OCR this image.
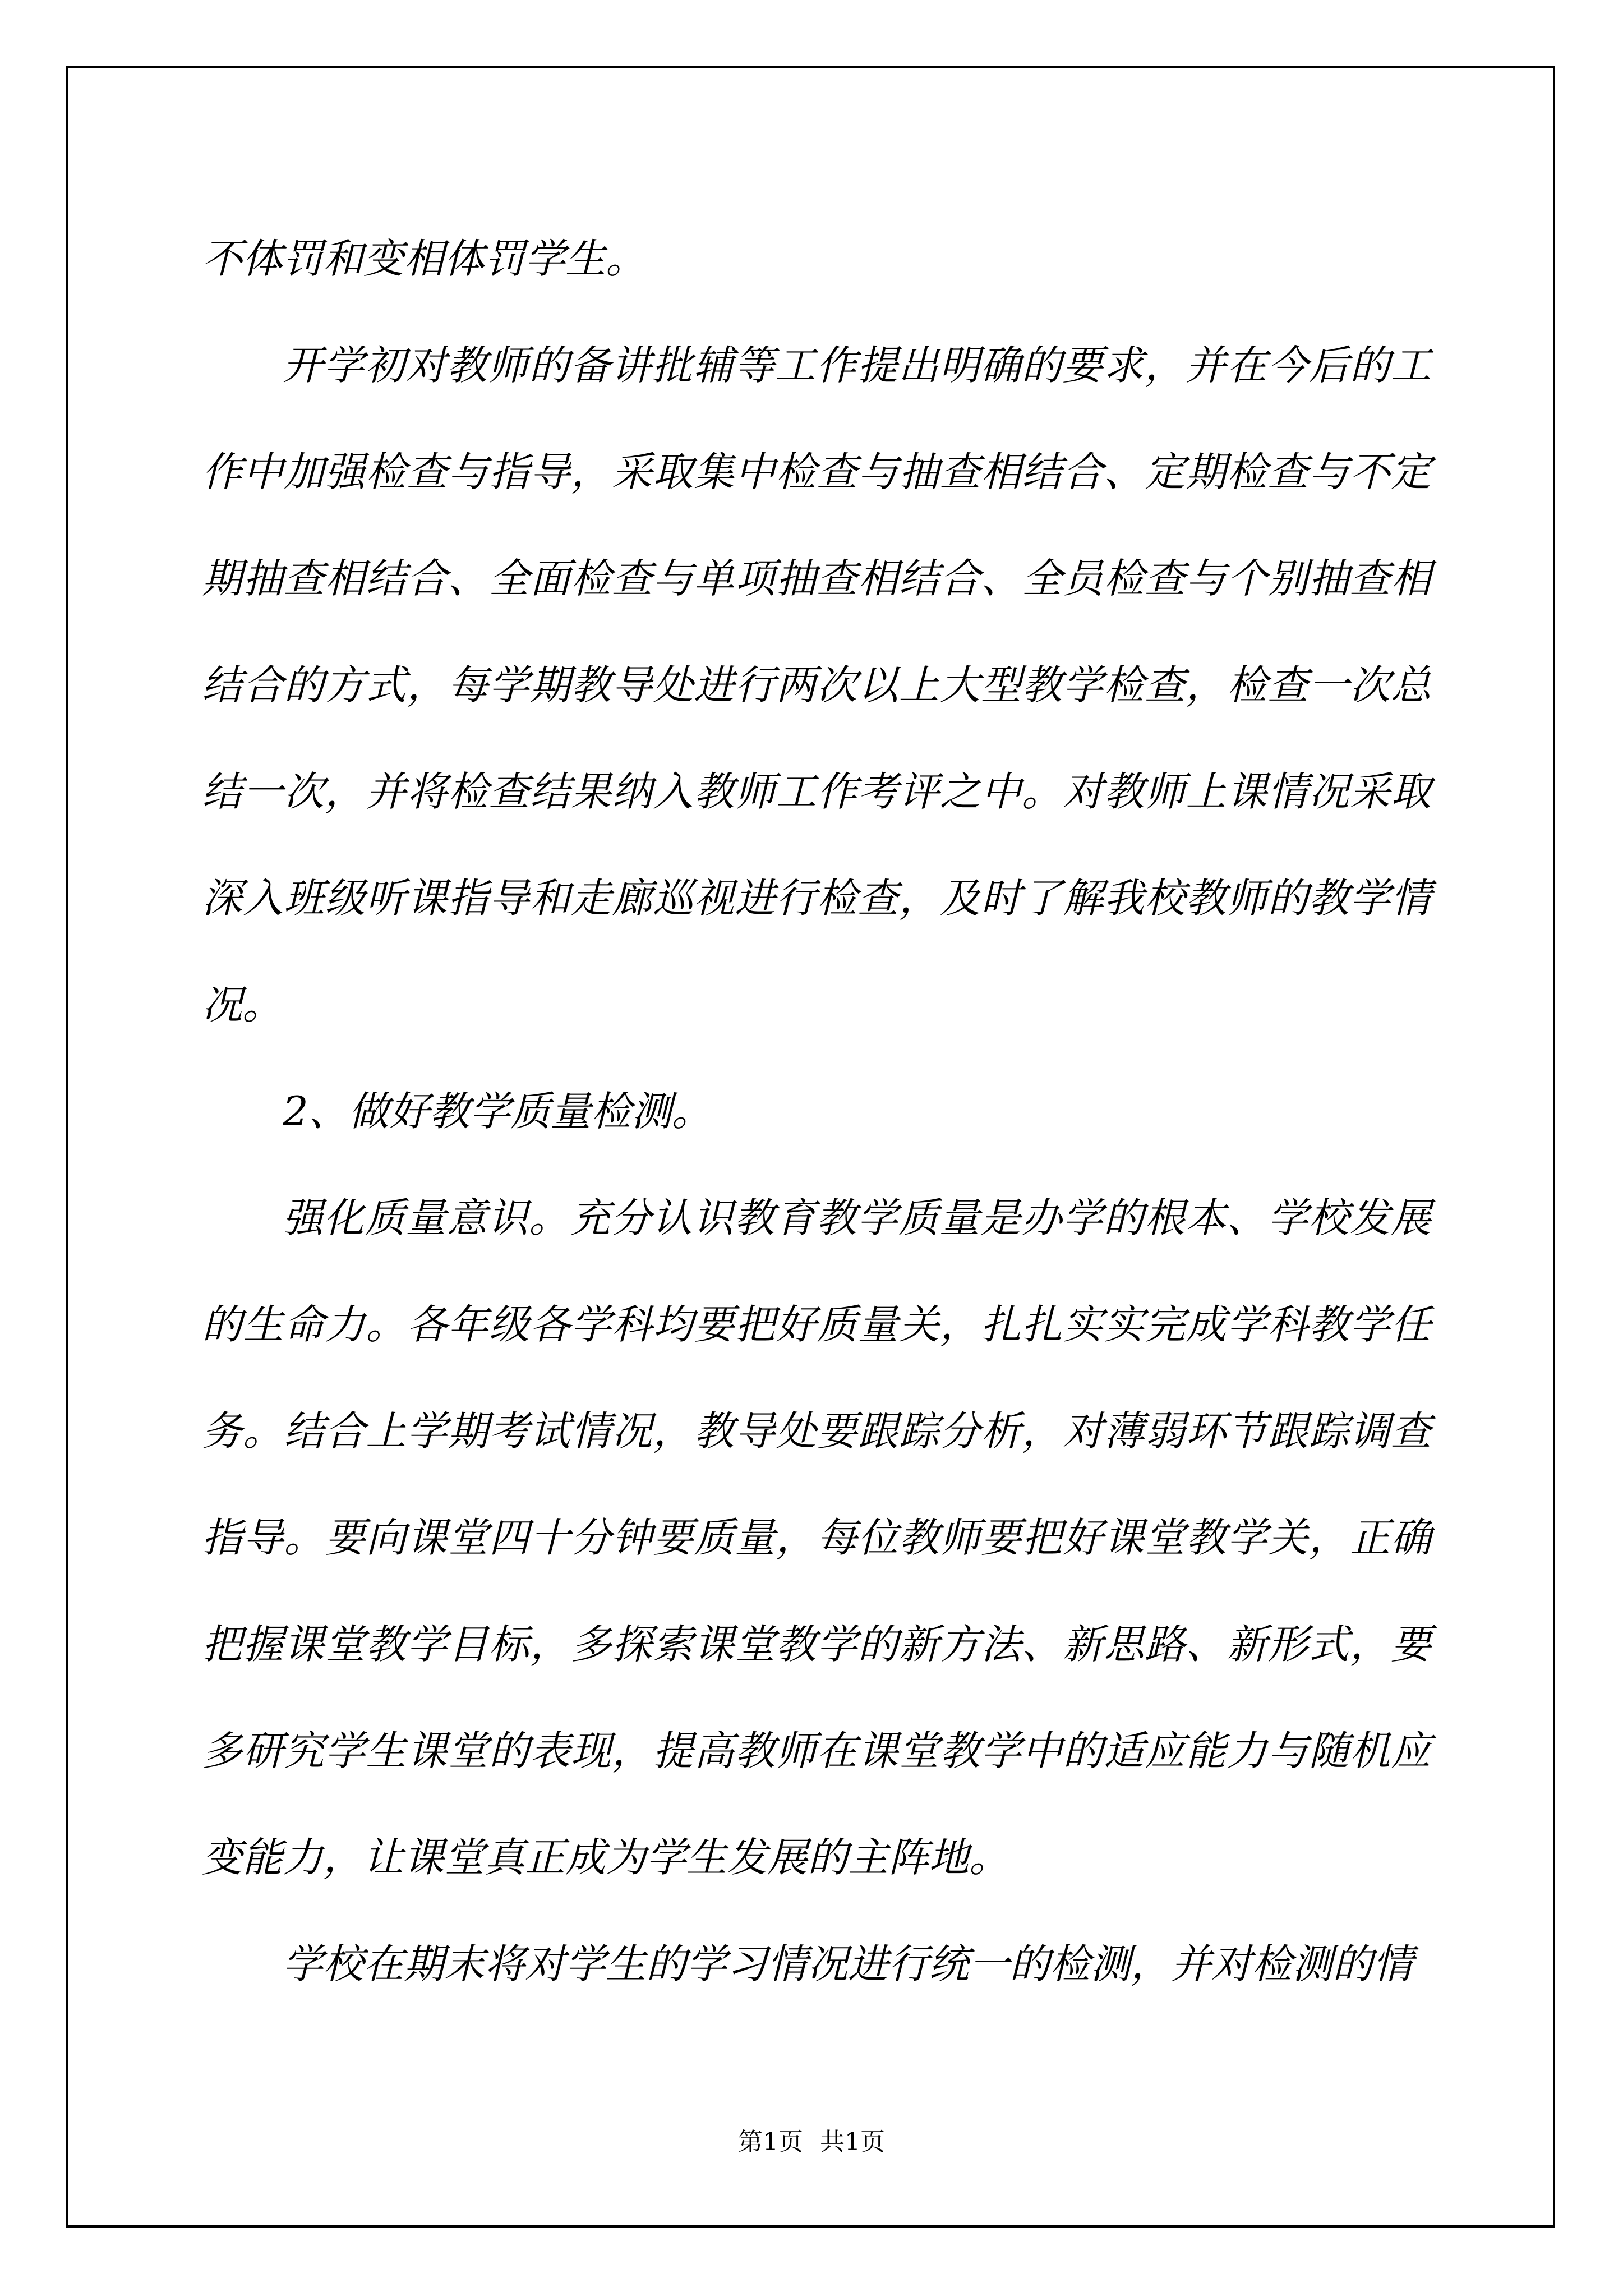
不体罚和变相体罚学生。

开学初对教师的备讲批辅等工作提出明确的要求，并在今后的工作中加强检查与指导，采取集中检查与抽查相结合、定期检查与不定期抽查相结合、全面检查与单项抽查相结合、全员检查与个别抽查相结合的方式，每学期教导处进行两次以上大型教学检查，检查一次总结一次，并将检查结果纳入教师工作考评之中。对教师上课情况采取深入班级听课指导和走廊巡视进行检查，及时了解我校教师的教学情况。

2、做好教学质量检测。

强化质量意识。充分认识教育教学质量是办学的根本、学校发展的生命力。各年级各学科均要把好质量关，扎扎实实完成学科教学任务。结合上学期考试情况，教导处要跟踪分析，对薄弱环节跟踪调查指导。要向课堂四十分钟要质量，每位教师要把好课堂教学关，正确把握课堂教学目标，多探索课堂教学的新方法、新思路、新形式，要多研究学生课堂的表现，提高教师在课堂教学中的适应能力与随机应变能力，让课堂真正成为学生发展的主阵地。

学校在期末将对学生的学习情况进行统一的检测，并对检测的情

第1页 共1页
